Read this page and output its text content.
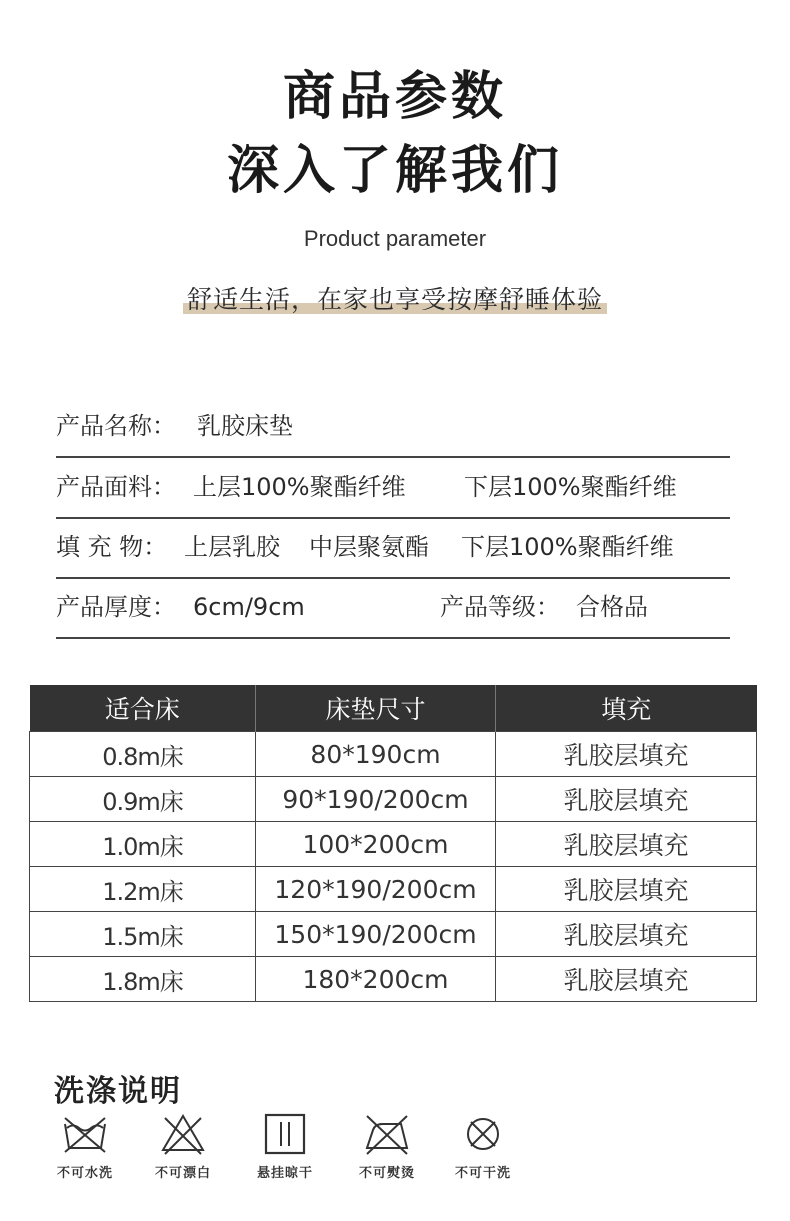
商品参数
深入了解我们
Product parameter
舒适生活，在家也享受按摩舒睡体验
产品名称： 乳胶床垫
产品面料： 上层100%聚酯纤维 下层100%聚酯纤维
填 充 物： 上层乳胶 中层聚氨酯 下层100%聚酯纤维
产品厚度： 6cm/9cm	产品等级： 合格品
适合床	床垫尺寸	填充
0.8m床	80*190cm	乳胶层填充
0.9m床	90*190/200cm	乳胶层填充
1.0m床	100*200cm	乳胶层填充
1.2m床	120*190/200cm	乳胶层填充
1.5m床	150*190/200cm	乳胶层填充
1.8m床	180*200cm	乳胶层填充
洗涤说明
不可水洗	不可漂白	悬挂晾干	不可熨烫	不可干洗
